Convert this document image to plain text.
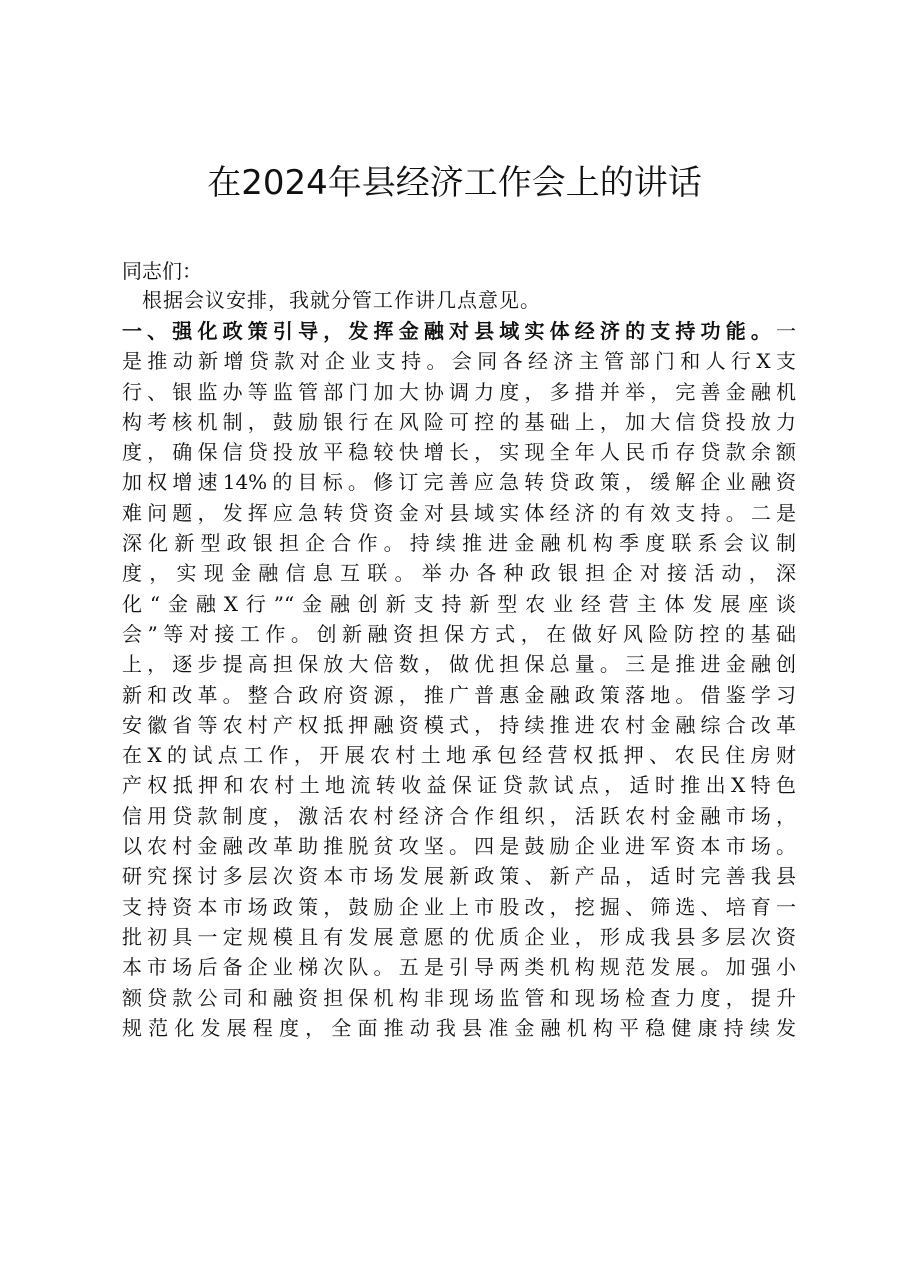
在2024年县经济工作会上的讲话

同志们：

根据会议安排，我就分管工作讲几点意见。

一、强化政策引导，发挥金融对县域实体经济的支持功能。一
是推动新增贷款对企业支持。会同各经济主管部门和人行X支
行、银监办等监管部门加大协调力度，多措并举，完善金融机
构考核机制，鼓励银行在风险可控的基础上，加大信贷投放力
度，确保信贷投放平稳较快增长，实现全年人民币存贷款余额
加权增速14%的目标。修订完善应急转贷政策，缓解企业融资
难问题，发挥应急转贷资金对县域实体经济的有效支持。二是
深化新型政银担企合作。持续推进金融机构季度联系会议制
度，实现金融信息互联。举办各种政银担企对接活动，深
化“金融X行”“金融创新支持新型农业经营主体发展座谈
会”等对接工作。创新融资担保方式，在做好风险防控的基础
上，逐步提高担保放大倍数，做优担保总量。三是推进金融创
新和改革。整合政府资源，推广普惠金融政策落地。借鉴学习
安徽省等农村产权抵押融资模式，持续推进农村金融综合改革
在X的试点工作，开展农村土地承包经营权抵押、农民住房财
产权抵押和农村土地流转收益保证贷款试点，适时推出X特色
信用贷款制度，激活农村经济合作组织，活跃农村金融市场，
以农村金融改革助推脱贫攻坚。四是鼓励企业进军资本市场。
研究探讨多层次资本市场发展新政策、新产品，适时完善我县
支持资本市场政策，鼓励企业上市股改，挖掘、筛选、培育一
批初具一定规模且有发展意愿的优质企业，形成我县多层次资
本市场后备企业梯次队。五是引导两类机构规范发展。加强小
额贷款公司和融资担保机构非现场监管和现场检查力度，提升
规范化发展程度，全面推动我县准金融机构平稳健康持续发
